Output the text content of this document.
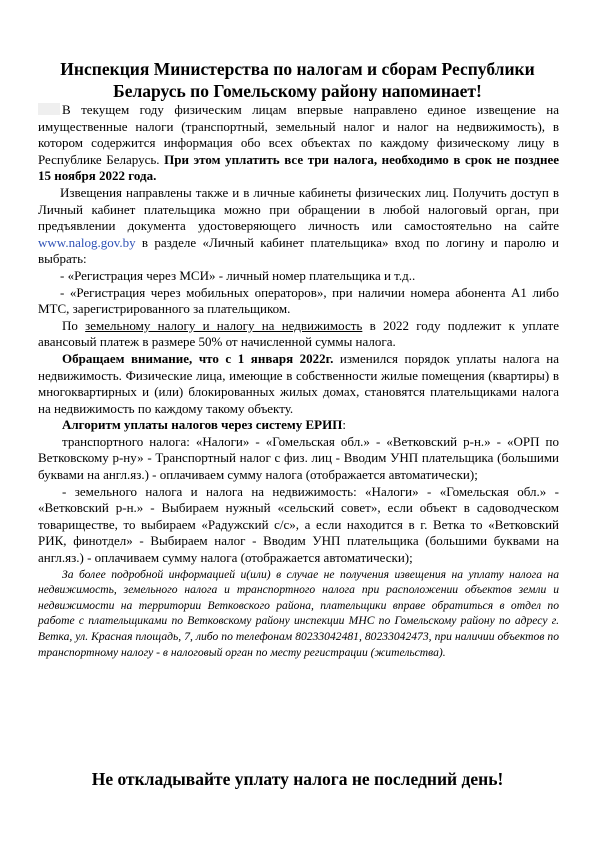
Инспекция Министерства по налогам и сборам Республики Беларусь по Гомельскому району напоминает!

В текущем году физическим лицам впервые направлено единое извещение на имущественные налоги (транспортный, земельный налог и налог на недвижимость), в котором содержится информация обо всех объектах по каждому физическому лицу в Республике Беларусь. При этом уплатить все три налога, необходимо в срок не позднее 15 ноября 2022 года.

Извещения направлены также и в личные кабинеты физических лиц. Получить доступ в Личный кабинет плательщика можно при обращении в любой налоговый орган, при предъявлении документа удостоверяющего личность или самостоятельно на сайте www.nalog.gov.by в разделе «Личный кабинет плательщика» вход по логину и паролю и выбрать:

- «Регистрация через МСИ» - личный номер плательщика и т.д..

- «Регистрация через мобильных операторов», при наличии номера абонента А1 либо МТС, зарегистрированного за плательщиком.

По земельному налогу и налогу на недвижимость в 2022 году подлежит к уплате авансовый платеж в размере 50% от начисленной суммы налога.

Обращаем внимание, что с 1 января 2022г. изменился порядок уплаты налога на недвижимость. Физические лица, имеющие в собственности жилые помещения (квартиры) в многоквартирных и (или) блокированных жилых домах, становятся плательщиками налога на недвижимость по каждому такому объекту.

Алгоритм уплаты налогов через систему ЕРИП:

транспортного налога: «Налоги» - «Гомельская обл.» - «Ветковский р-н.» - «ОРП по Ветковскому р-ну» - Транспортный налог с физ. лиц - Вводим УНП плательщика (большими буквами на англ.яз.) - оплачиваем сумму налога (отображается автоматически);

- земельного налога и налога на недвижимость: «Налоги» - «Гомельская обл.» - «Ветковский р-н.» - Выбираем нужный «сельский совет», если объект в садоводческом товариществе, то выбираем «Радужский с/с», а если находится в г. Ветка то «Ветковский РИК, финотдел» - Выбираем налог - Вводим УНП плательщика (большими буквами на англ.яз.) - оплачиваем сумму налога (отображается автоматически);

За более подробной информацией и(или) в случае не получения извещения на уплату налога на недвижимость, земельного налога и транспортного налога при расположении объектов земли и недвижимости на территории Ветковского района, плательщики вправе обратиться в отдел по работе с плательщиками по Ветковскому району инспекции МНС по Гомельскому району по адресу г. Ветка, ул. Красная площадь, 7, либо по телефонам 80233042481, 80233042473, при наличии объектов по транспортному налогу - в налоговый орган по месту регистрации (жительства).

Не откладывайте уплату налога не последний день!
